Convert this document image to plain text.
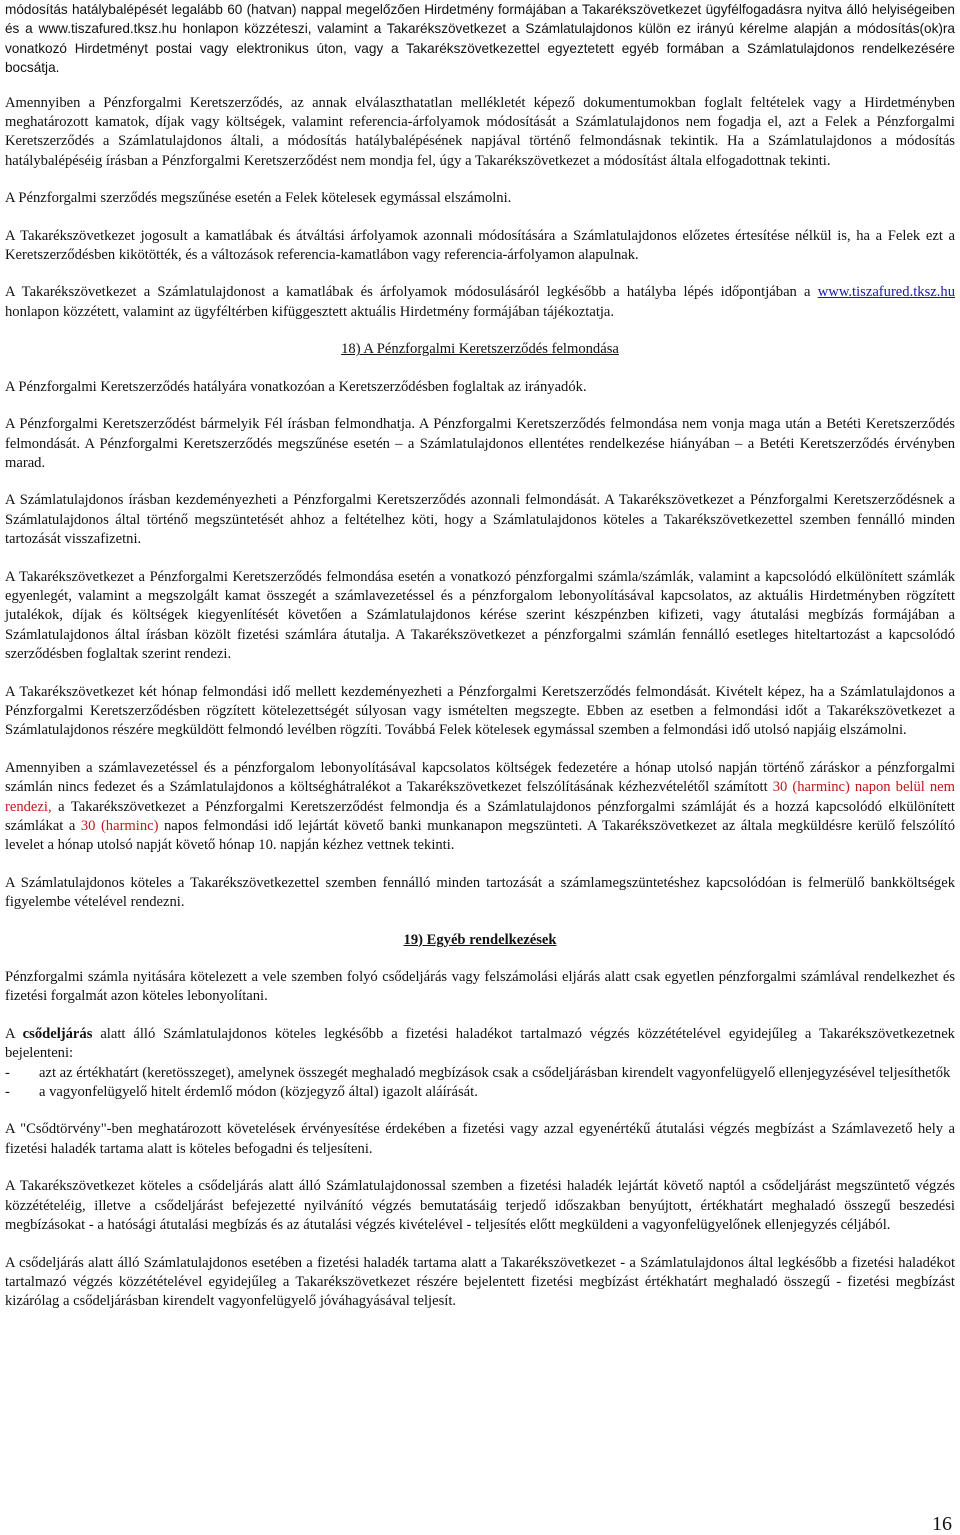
módosítás hatálybalépését legalább 60 (hatvan) nappal megelőzően Hirdetmény formájában a Takarékszövetkezet ügyfélfogadásra nyitva álló helyiségeiben és a www.tiszafured.tksz.hu honlapon közzéteszi, valamint a Takarékszövetkezet a Számlatulajdonos külön ez irányú kérelme alapján a módosítás(ok)ra vonatkozó Hirdetményt postai vagy elektronikus úton, vagy a Takarékszövetkezettel egyeztetett egyéb formában a Számlatulajdonos rendelkezésére bocsátja.

Amennyiben a Pénzforgalmi Keretszerződés, az annak elválaszthatatlan mellékletét képező dokumentumokban foglalt feltételek vagy a Hirdetményben meghatározott kamatok, díjak vagy költségek, valamint referencia-árfolyamok módosítását a Számlatulajdonos nem fogadja el, azt a Felek a Pénzforgalmi Keretszerződés a Számlatulajdonos általi, a módosítás hatálybalépésének napjával történő felmondásnak tekintik. Ha a Számlatulajdonos a módosítás hatálybalépéséig írásban a Pénzforgalmi Keretszerződést nem mondja fel, úgy a Takarékszövetkezet a módosítást általa elfogadottnak tekinti.

A Pénzforgalmi szerződés megszűnése esetén a Felek kötelesek egymással elszámolni.

A Takarékszövetkezet jogosult a kamatlábak és átváltási árfolyamok azonnali módosítására a Számlatulajdonos előzetes értesítése nélkül is, ha a Felek ezt a Keretszerződésben kikötötték, és a változások referencia-kamatlábon vagy referencia-árfolyamon alapulnak.

A Takarékszövetkezet a Számlatulajdonost a kamatlábak és árfolyamok módosulásáról legkésőbb a hatályba lépés időpontjában a www.tiszafured.tksz.hu honlapon közzétett, valamint az ügyféltérben kifüggesztett aktuális Hirdetmény formájában tájékoztatja.

18) A Pénzforgalmi Keretszerződés felmondása

A Pénzforgalmi Keretszerződés hatályára vonatkozóan a Keretszerződésben foglaltak az irányadók.

A Pénzforgalmi Keretszerződést bármelyik Fél írásban felmondhatja. A Pénzforgalmi Keretszerződés felmondása nem vonja maga után a Betéti Keretszerződés felmondását. A Pénzforgalmi Keretszerződés megszűnése esetén – a Számlatulajdonos ellentétes rendelkezése hiányában – a Betéti Keretszerződés érvényben marad.

A Számlatulajdonos írásban kezdeményezheti a Pénzforgalmi Keretszerződés azonnali felmondását. A Takarékszövetkezet a Pénzforgalmi Keretszerződésnek a Számlatulajdonos által történő megszüntetését ahhoz a feltételhez köti, hogy a Számlatulajdonos köteles a Takarékszövetkezettel szemben fennálló minden tartozását visszafizetni.

A Takarékszövetkezet a Pénzforgalmi Keretszerződés felmondása esetén a vonatkozó pénzforgalmi számla/számlák, valamint a kapcsolódó elkülönített számlák egyenlegét, valamint a megszolgált kamat összegét a számlavezetéssel és a pénzforgalom lebonyolításával kapcsolatos, az aktuális Hirdetményben rögzített jutalékok, díjak és költségek kiegyenlítését követően a Számlatulajdonos kérése szerint készpénzben kifizeti, vagy átutalási megbízás formájában a Számlatulajdonos által írásban közölt fizetési számlára átutalja. A Takarékszövetkezet a pénzforgalmi számlán fennálló esetleges hiteltartozást a kapcsolódó szerződésben foglaltak szerint rendezi.

A Takarékszövetkezet két hónap felmondási idő mellett kezdeményezheti a Pénzforgalmi Keretszerződés felmondását. Kivételt képez, ha a Számlatulajdonos a Pénzforgalmi Keretszerződésben rögzített kötelezettségét súlyosan vagy ismételten megszegte. Ebben az esetben a felmondási időt a Takarékszövetkezet a Számlatulajdonos részére megküldött felmondó levélben rögzíti. Továbbá Felek kötelesek egymással szemben a felmondási idő utolsó napjáig elszámolni.

Amennyiben a számlavezetéssel és a pénzforgalom lebonyolításával kapcsolatos költségek fedezetére a hónap utolsó napján történő záráskor a pénzforgalmi számlán nincs fedezet és a Számlatulajdonos a költséghátralékot a Takarékszövetkezet felszólításának kézhezvételétől számított 30 (harminc) napon belül nem rendezi, a Takarékszövetkezet a Pénzforgalmi Keretszerződést felmondja és a Számlatulajdonos pénzforgalmi számláját és a hozzá kapcsolódó elkülönített számlákat a 30 (harminc) napos felmondási idő lejártát követő banki munkanapon megszünteti. A Takarékszövetkezet az általa megküldésre kerülő felszólító levelet a hónap utolsó napját követő hónap 10. napján kézhez vettnek tekinti.

A Számlatulajdonos köteles a Takarékszövetkezettel szemben fennálló minden tartozását a számlamegszüntetéshez kapcsolódóan is felmerülő bankköltségek figyelembe vételével rendezni.

19) Egyéb rendelkezések

Pénzforgalmi számla nyitására kötelezett a vele szemben folyó csődeljárás vagy felszámolási eljárás alatt csak egyetlen pénzforgalmi számlával rendelkezhet és fizetési forgalmát azon köteles lebonyolítani.

A csődeljárás alatt álló Számlatulajdonos köteles legkésőbb a fizetési haladékot tartalmazó végzés közzétételével egyidejűleg a Takarékszövetkezetnek bejelenteni:

-	azt az értékhatárt (keretösszeget), amelynek összegét meghaladó megbízások csak a csődeljárásban kirendelt vagyonfelügyelő ellenjegyzésével teljesíthetők
-	a vagyonfelügyelő hitelt érdemlő módon (közjegyző által) igazolt aláírását.

A "Csődtörvény"-ben meghatározott követelések érvényesítése érdekében a fizetési vagy azzal egyenértékű átutalási végzés megbízást a Számlavezető hely a fizetési haladék tartama alatt is köteles befogadni és teljesíteni.

A Takarékszövetkezet köteles a csődeljárás alatt álló Számlatulajdonossal szemben a fizetési haladék lejártát követő naptól a csődeljárást megszüntető végzés közzétételéig, illetve a csődeljárást befejezetté nyilvánító végzés bemutatásáig terjedő időszakban benyújtott, értékhatárt meghaladó összegű beszedési megbízásokat - a hatósági átutalási megbízás és az átutalási végzés kivételével - teljesítés előtt megküldeni a vagyonfelügyelőnek ellenjegyzés céljából.

A csődeljárás alatt álló Számlatulajdonos esetében a fizetési haladék tartama alatt a Takarékszövetkezet - a Számlatulajdonos által legkésőbb a fizetési haladékot tartalmazó végzés közzétételével egyidejűleg a Takarékszövetkezet részére bejelentett fizetési megbízást értékhatárt meghaladó összegű - fizetési megbízást kizárólag a csődeljárásban kirendelt vagyonfelügyelő jóváhagyásával teljesít.

16
